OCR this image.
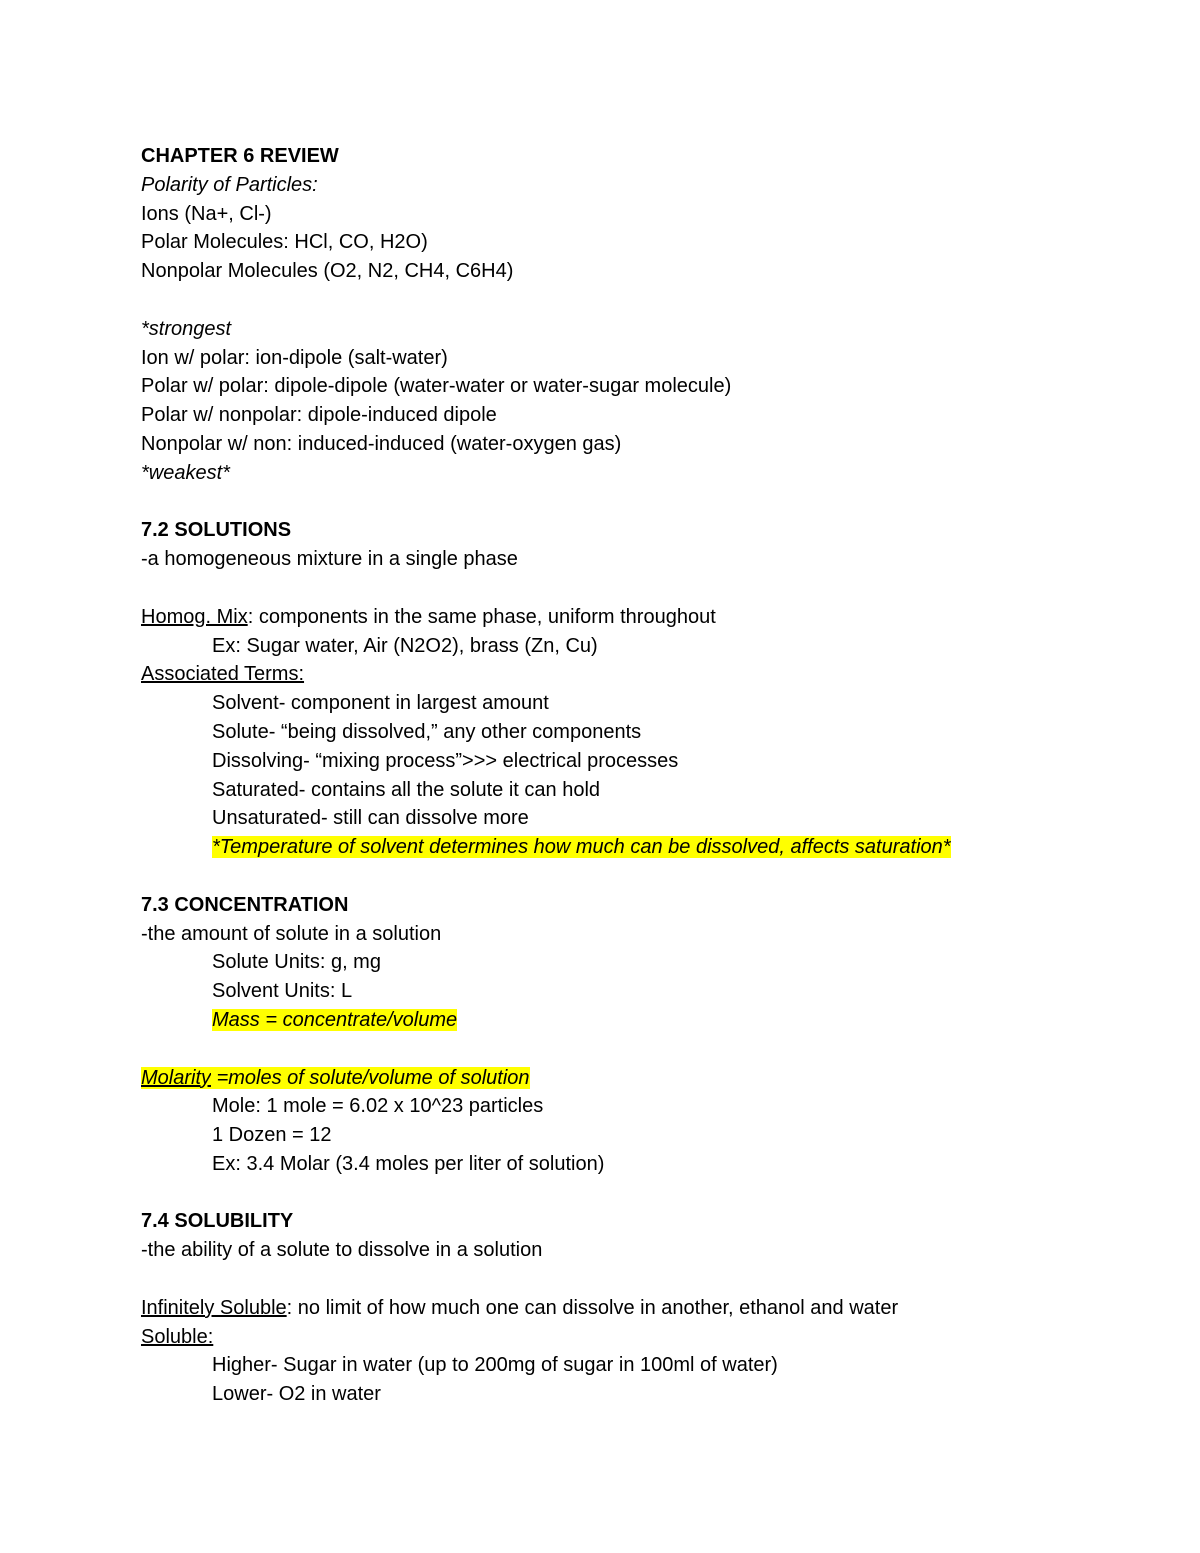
CHAPTER 6 REVIEW
Polarity of Particles:
Ions (Na+, Cl-)
Polar Molecules: HCl, CO, H2O)
Nonpolar Molecules (O2, N2, CH4, C6H4)
*strongest
Ion w/ polar: ion-dipole (salt-water)
Polar w/ polar: dipole-dipole (water-water or water-sugar molecule)
Polar w/ nonpolar: dipole-induced dipole
Nonpolar w/ non: induced-induced (water-oxygen gas)
*weakest*
7.2 SOLUTIONS
-a homogeneous mixture in a single phase
Homog. Mix: components in the same phase, uniform throughout
Ex: Sugar water, Air (N2O2), brass (Zn, Cu)
Associated Terms:
Solvent- component in largest amount
Solute- “being dissolved,” any other components
Dissolving- “mixing process”>>> electrical processes
Saturated- contains all the solute it can hold
Unsaturated- still can dissolve more
*Temperature of solvent determines how much can be dissolved, affects saturation*
7.3 CONCENTRATION
-the amount of solute in a solution
Solute Units: g, mg
Solvent Units: L
Mass = concentrate/volume
Molarity =moles of solute/volume of solution
Mole: 1 mole = 6.02 x 10^23 particles
1 Dozen = 12
Ex: 3.4 Molar (3.4 moles per liter of solution)
7.4 SOLUBILITY
-the ability of a solute to dissolve in a solution
Infinitely Soluble: no limit of how much one can dissolve in another, ethanol and water
Soluble:
Higher- Sugar in water (up to 200mg of sugar in 100ml of water)
Lower- O2 in water
